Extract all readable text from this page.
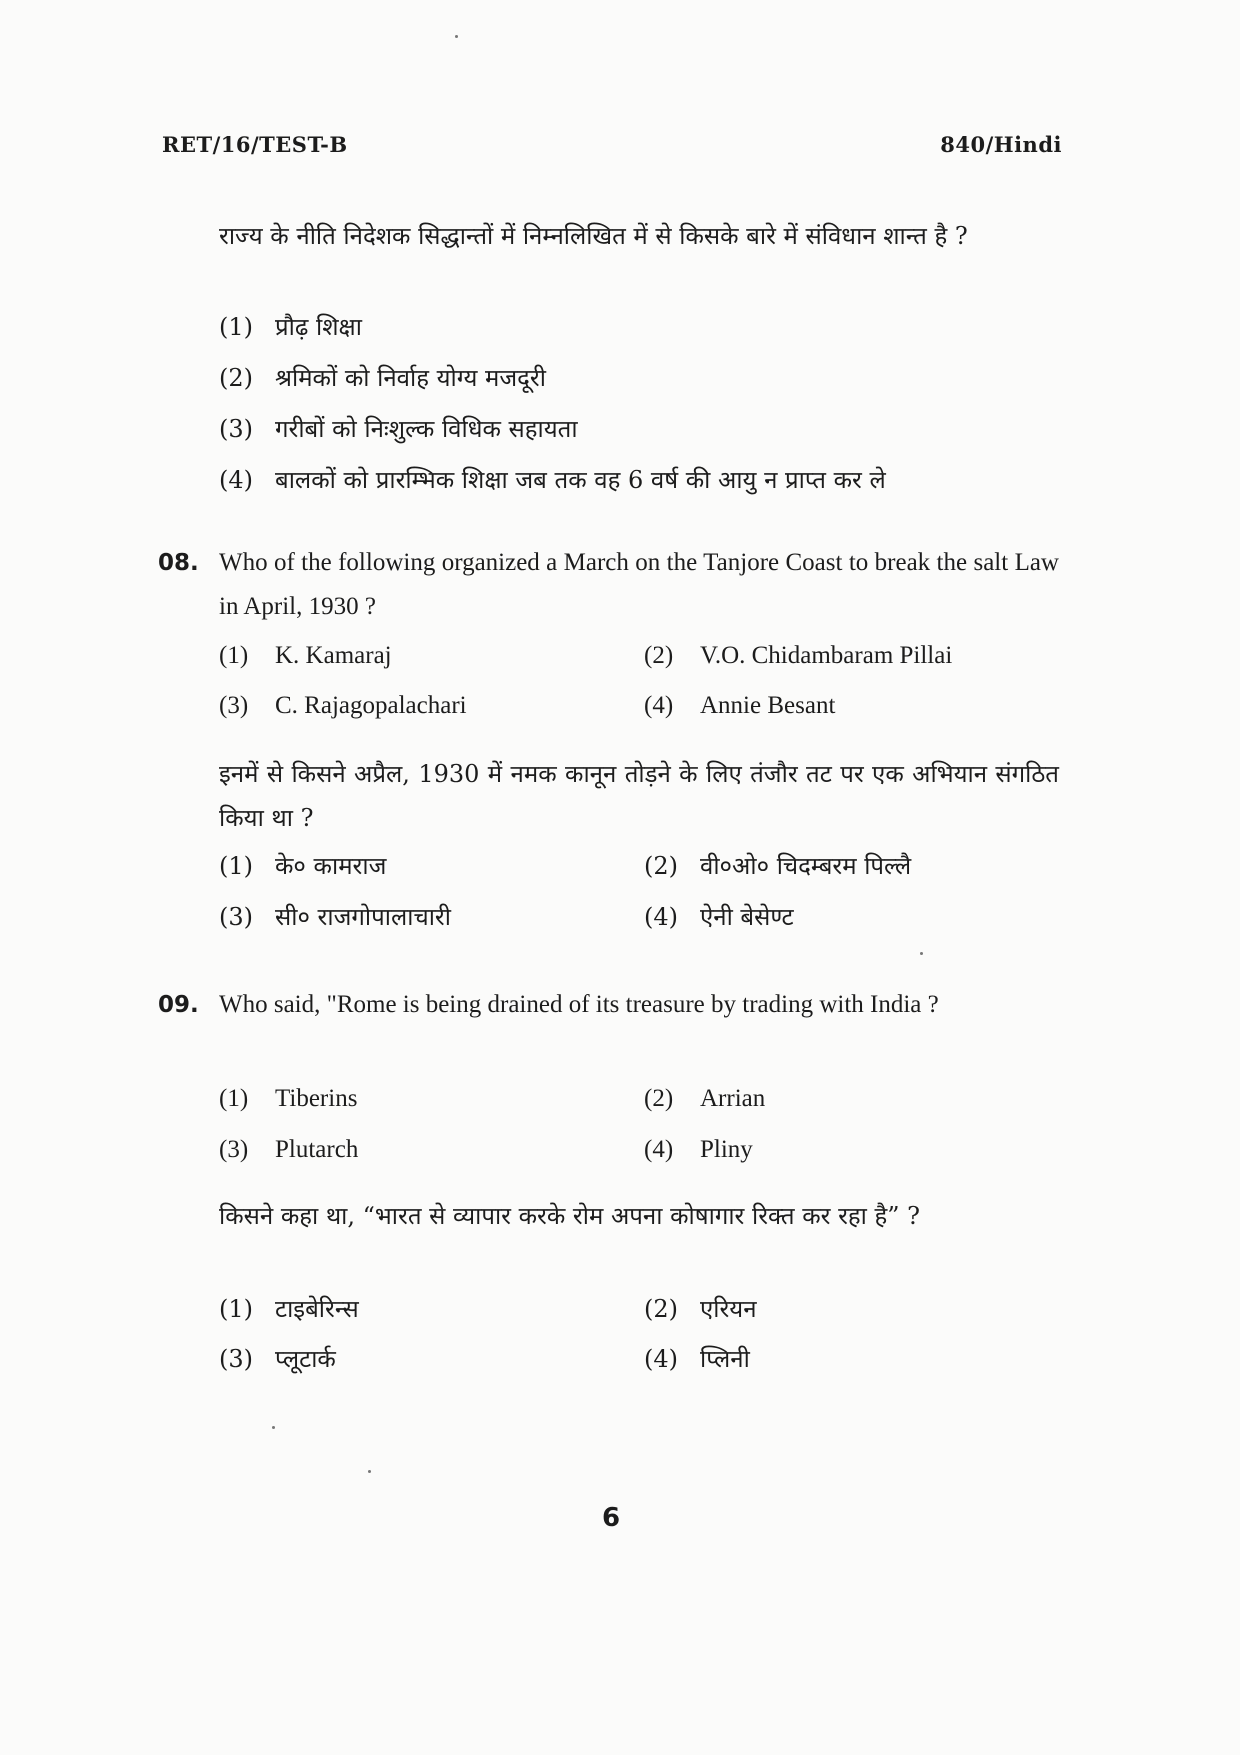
RET/16/TEST-B	840/Hindi
राज्य के नीति निदेशक सिद्धान्तों में निम्नलिखित में से किसके बारे में संविधान शान्त है ?
(1) प्रौढ़ शिक्षा
(2) श्रमिकों को निर्वाह योग्य मजदूरी
(3) गरीबों को निःशुल्क विधिक सहायता
(4) बालकों को प्रारम्भिक शिक्षा जब तक वह 6 वर्ष की आयु न प्राप्त कर ले
08. Who of the following organized a March on the Tanjore Coast to break the salt Law in April, 1930 ?
(1) K. Kamaraj	(2) V.O. Chidambaram Pillai
(3) C. Rajagopalachari	(4) Annie Besant
इनमें से किसने अप्रैल, 1930 में नमक कानून तोड़ने के लिए तंजौर तट पर एक अभियान संगठित किया था ?
(1) के० कामराज	(2) वी०ओ० चिदम्बरम पिल्लै
(3) सी० राजगोपालाचारी	(4) ऐनी बेसेण्ट
09. Who said, "Rome is being drained of its treasure by trading with India ?
(1) Tiberins	(2) Arrian
(3) Plutarch	(4) Pliny
किसने कहा था, “भारत से व्यापार करके रोम अपना कोषागार रिक्त कर रहा है” ?
(1) टाइबेरिन्स	(2) एरियन
(3) प्लूटार्क	(4) प्लिनी
6
